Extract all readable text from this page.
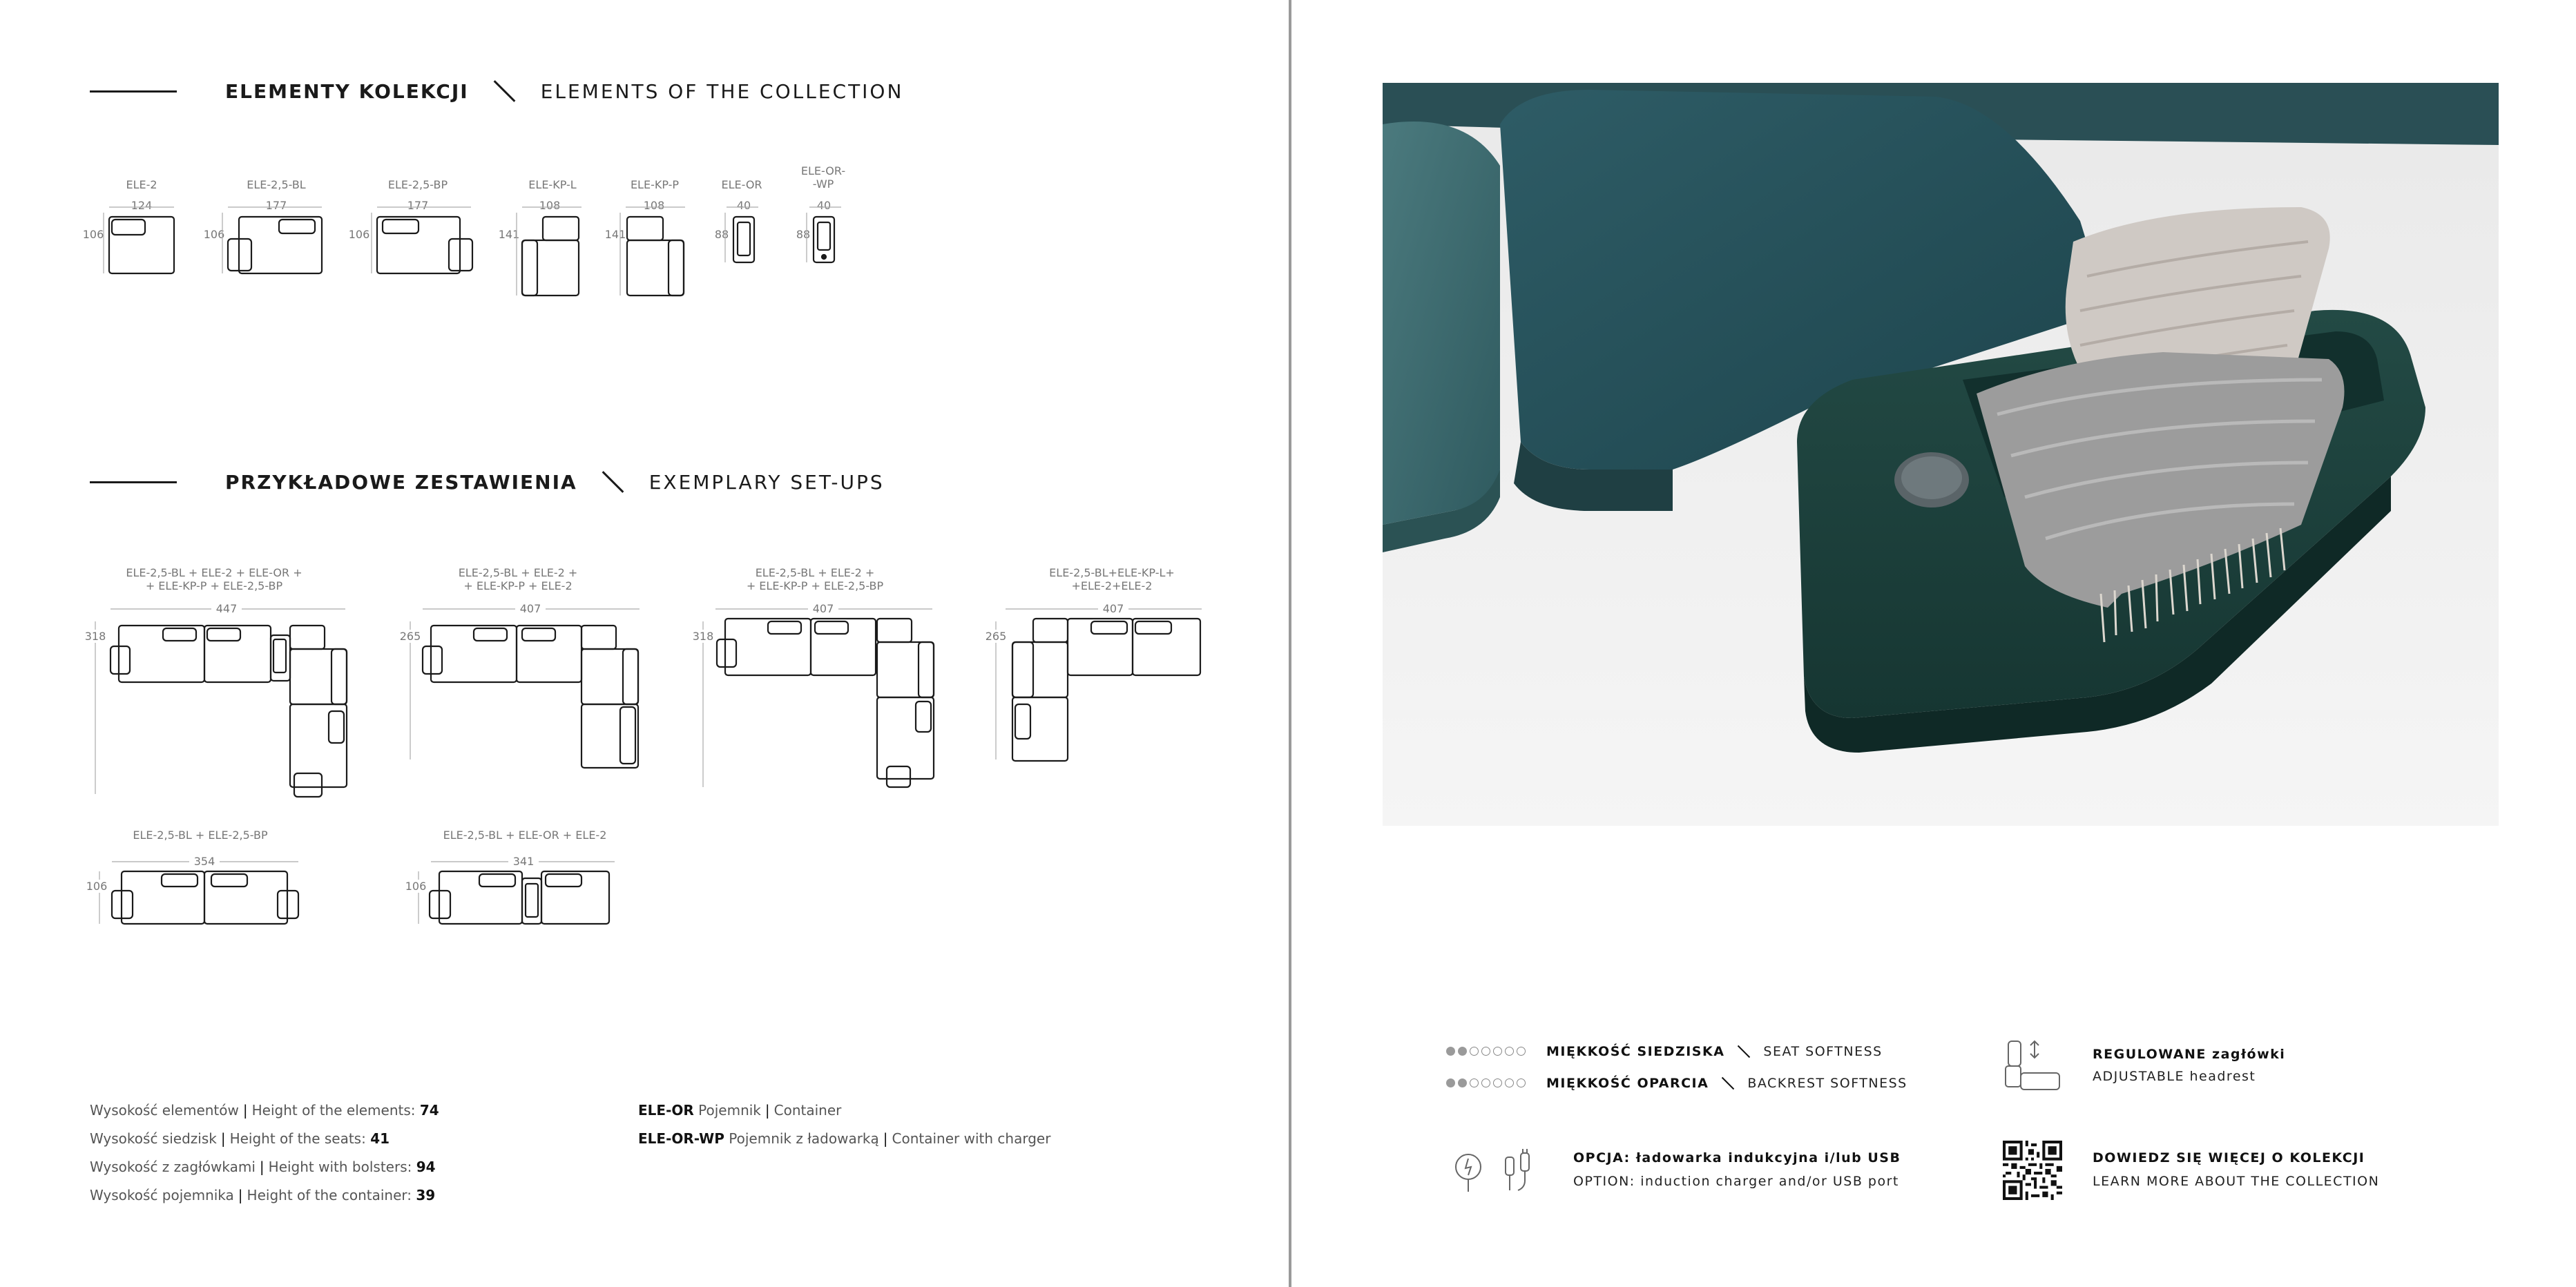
ELEMENTY KOLEKCJI	ELEMENTS OF THE COLLECTION
ELE-2	ELE-2,5-BL	ELE-2,5-BP	ELE-KP-L	ELE-KP-P	ELE-OR
ELE-OR-
-WP
124	177	177	108	108	40	40
106	106	106	141	141	88	88
PRZYKŁADOWE ZESTAWIENIA	EXEMPLARY SET-UPS
ELE-2,5-BL + ELE-2 + ELE-OR +
+ ELE-KP-P + ELE-2,5-BP
ELE-2,5-BL + ELE-2 +
+ ELE-KP-P + ELE-2
ELE-2,5-BL + ELE-2 +
+ ELE-KP-P + ELE-2,5-BP
ELE-2,5-BL+ELE-KP-L+
+ELE-2+ELE-2
ELE-2,5-BL + ELE-2,5-BP	ELE-2,5-BL + ELE-OR + ELE-2
447	407	407	407
354	341
318	265	318	265
106	106
Wysokość elementów | Height of the elements: 74
Wysokość siedzisk | Height of the seats: 41
Wysokość z zagłówkami | Height with bolsters: 94
Wysokość pojemnika | Height of the container: 39
ELE-OR Pojemnik | Container
ELE-OR-WP Pojemnik z ładowarką | Container with charger
MIĘKKOŚĆ SIEDZISKA	SEAT SOFTNESS
MIĘKKOŚĆ OPARCIA	BACKREST SOFTNESS
REGULOWANE zagłówki
ADJUSTABLE headrest
OPCJA: ładowarka indukcyjna i/lub USB
OPTION: induction charger and/or USB port
DOWIEDZ SIĘ WIĘCEJ O KOLEKCJI
LEARN MORE ABOUT THE COLLECTION
